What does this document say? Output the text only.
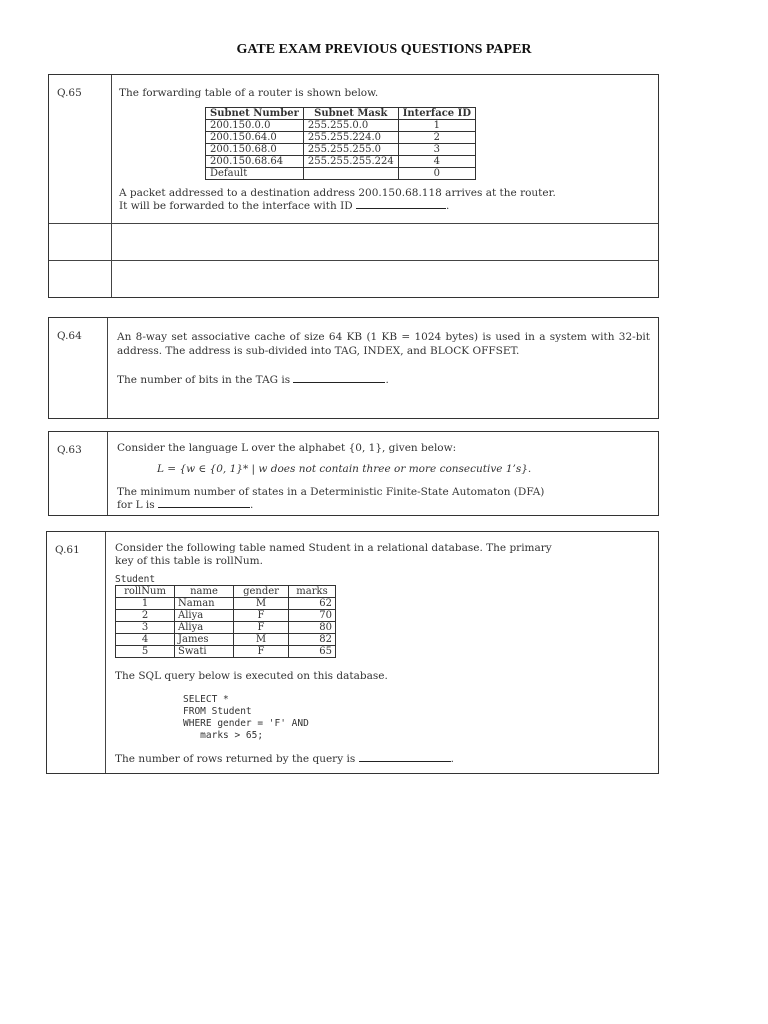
GATE EXAM PREVIOUS QUESTIONS PAPER
Q.65	The forwarding table of a router is shown below.

Subnet Number	Subnet Mask	Interface ID
200.150.0.0	255.255.0.0	1
200.150.64.0	255.255.224.0	2
200.150.68.0	255.255.255.0	3
200.150.68.64	255.255.255.224	4
Default		0

A packet addressed to a destination address 200.150.68.118 arrives at the router.

It will be forwarded to the interface with ID	.

Q.64	An 8-way set associative cache of size 64 KB (1 KB = 1024 bytes) is used in a system with 32-bit address. The address is sub-divided into TAG, INDEX, and BLOCK OFFSET.

The number of bits in the TAG is	.

Q.63	Consider the language L over the alphabet {0, 1}, given below:

L = {w ∈ {0, 1}* | w does not contain three or more consecutive 1’s}.

The minimum number of states in a Deterministic Finite-State Automaton (DFA)

for L is	.

Q.61	Consider the following table named Student in a relational database. The primary

key of this table is rollNum.

Student
rollNum	name	gender	marks
1	Naman	M	62
2	Aliya	F	70
3	Aliya	F	80
4	James	M	82
5	Swati	F	65

The SQL query below is executed on this database.

SELECT *
FROM Student
WHERE gender = 'F' AND
marks > 65;

The number of rows returned by the query is	.
